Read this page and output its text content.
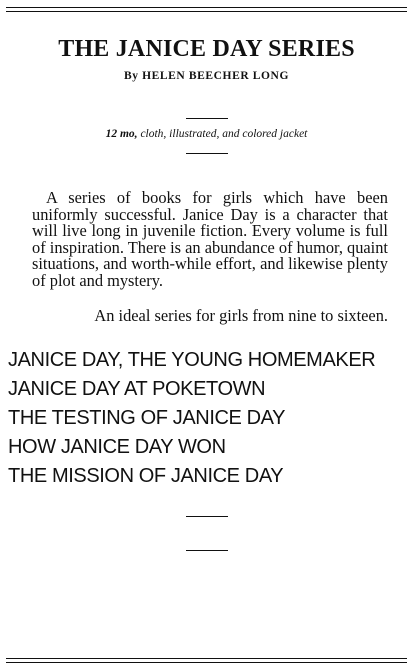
THE JANICE DAY SERIES
By HELEN BEECHER LONG
12 mo, cloth, illustrated, and colored jacket

A series of books for girls which have been uniformly successful. Janice Day is a character that will live long in juvenile fiction. Every volume is full of inspiration. There is an abundance of humor, quaint situations, and worth-while effort, and likewise plenty of plot and mystery.

An ideal series for girls from nine to sixteen.

JANICE DAY, THE YOUNG HOMEMAKER
JANICE DAY AT POKETOWN
THE TESTING OF JANICE DAY
HOW JANICE DAY WON
THE MISSION OF JANICE DAY
